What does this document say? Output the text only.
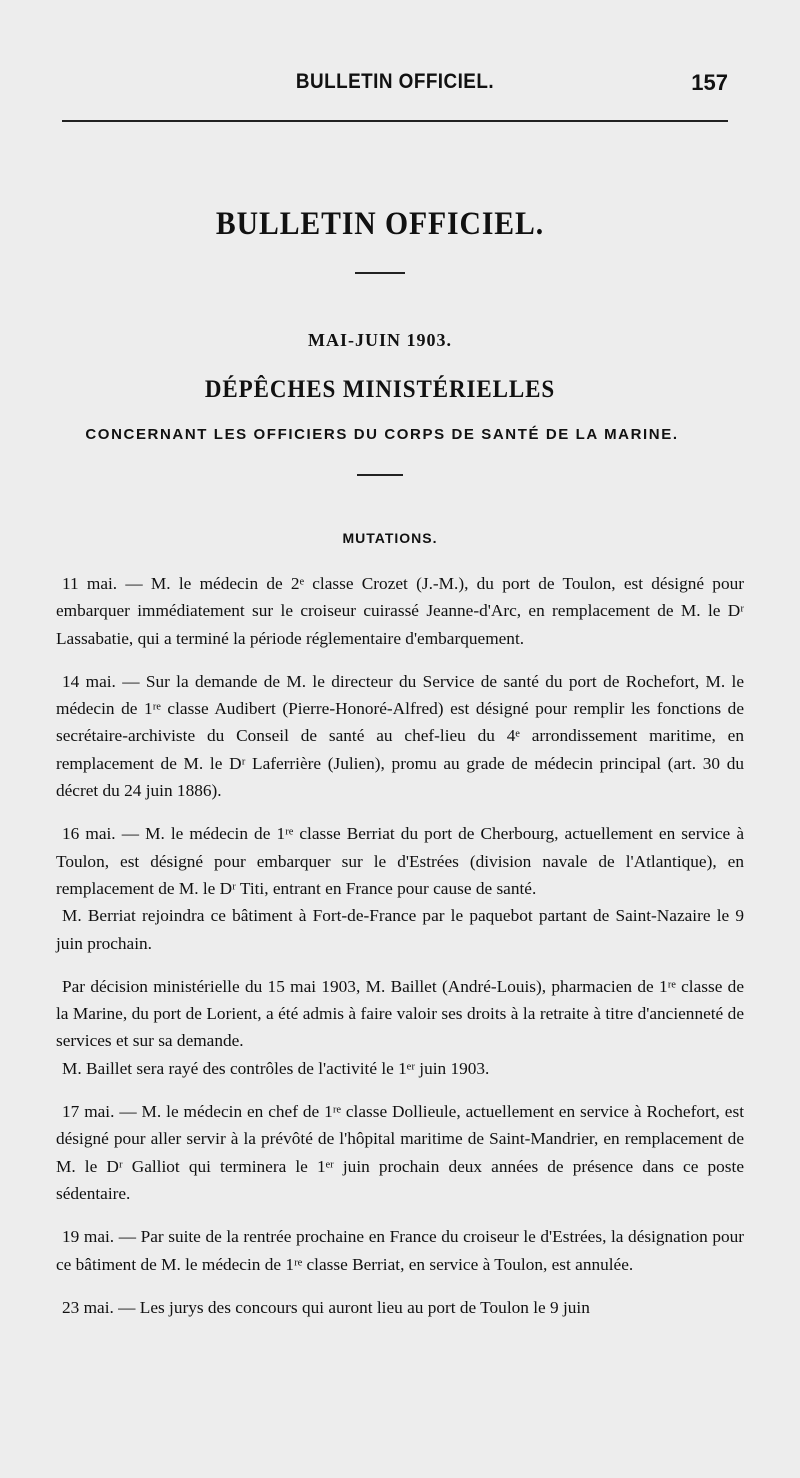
BULLETIN OFFICIEL.	157
BULLETIN OFFICIEL.
MAI-JUIN 1903.
DÉPÊCHES MINISTÉRIELLES
CONCERNANT LES OFFICIERS DU CORPS DE SANTÉ DE LA MARINE.
MUTATIONS.

11 mai. — M. le médecin de 2ᵉ classe Crozet (J.-M.), du port de Toulon, est désigné pour embarquer immédiatement sur le croiseur cuirassé Jeanne-d'Arc, en remplacement de M. le Dʳ Lassabatie, qui a terminé la période réglementaire d'embarquement.

14 mai. — Sur la demande de M. le directeur du Service de santé du port de Rochefort, M. le médecin de 1ʳᵉ classe Audibert (Pierre-Honoré-Alfred) est désigné pour remplir les fonctions de secrétaire-archiviste du Conseil de santé au chef-lieu du 4ᵉ arrondissement maritime, en remplacement de M. le Dʳ Laferrière (Julien), promu au grade de médecin principal (art. 30 du décret du 24 juin 1886).

16 mai. — M. le médecin de 1ʳᵉ classe Berriat du port de Cherbourg, actuellement en service à Toulon, est désigné pour embarquer sur le d'Estrées (division navale de l'Atlantique), en remplacement de M. le Dʳ Titi, entrant en France pour cause de santé.

M. Berriat rejoindra ce bâtiment à Fort-de-France par le paquebot partant de Saint-Nazaire le 9 juin prochain.

Par décision ministérielle du 15 mai 1903, M. Baillet (André-Louis), pharmacien de 1ʳᵉ classe de la Marine, du port de Lorient, a été admis à faire valoir ses droits à la retraite à titre d'ancienneté de services et sur sa demande.

M. Baillet sera rayé des contrôles de l'activité le 1ᵉʳ juin 1903.

17 mai. — M. le médecin en chef de 1ʳᵉ classe Dollieule, actuellement en service à Rochefort, est désigné pour aller servir à la prévôté de l'hôpital maritime de Saint-Mandrier, en remplacement de M. le Dʳ Galliot qui terminera le 1ᵉʳ juin prochain deux années de présence dans ce poste sédentaire.

19 mai. — Par suite de la rentrée prochaine en France du croiseur le d'Estrées, la désignation pour ce bâtiment de M. le médecin de 1ʳᵉ classe Berriat, en service à Toulon, est annulée.

23 mai. — Les jurys des concours qui auront lieu au port de Toulon le 9 juin
